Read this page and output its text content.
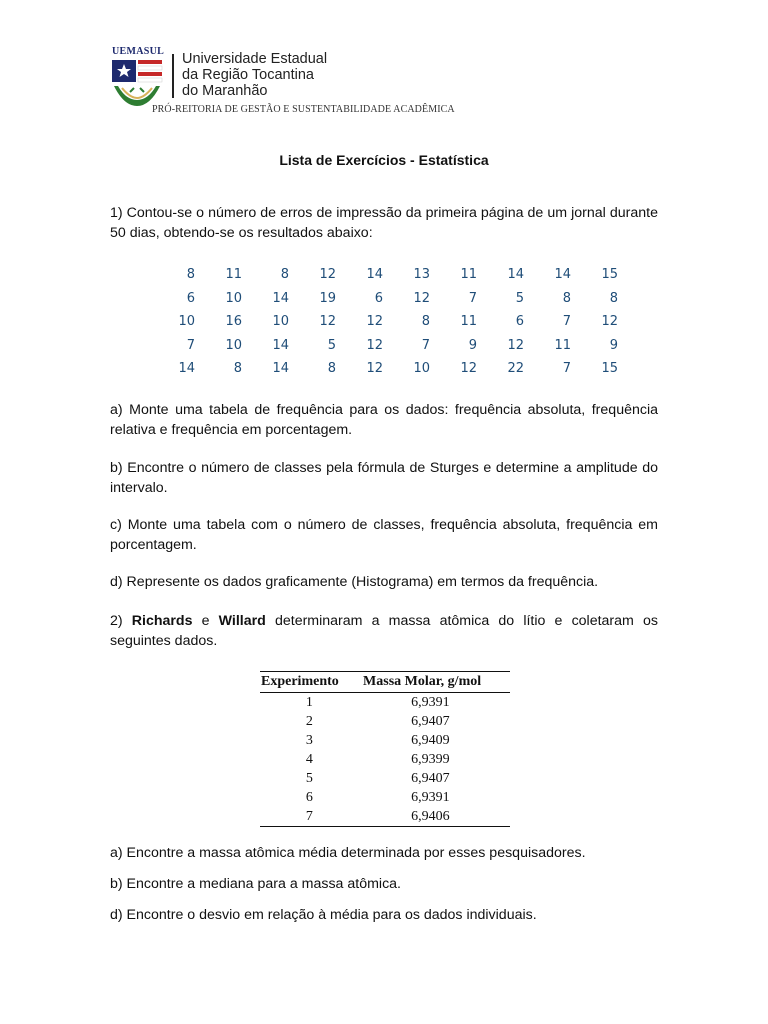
UEMASUL Universidade Estadual
da Região Tocantina
do Maranhão
PRÓ-REITORIA DE GESTÃO E SUSTENTABILIDADE ACADÊMICA
Lista de Exercícios - Estatística
1) Contou-se o número de erros de impressão da primeira página de um jornal durante 50 dias, obtendo-se os resultados abaixo:
8	11	8	12	14	13	11	14	14	15
6	10	14	19	6	12	7	5	8	8
10	16	10	12	12	8	11	6	7	12
7	10	14	5	12	7	9	12	11	9
14	8	14	8	12	10	12	22	7	15
a) Monte uma tabela de frequência para os dados: frequência absoluta, frequência relativa e frequência em porcentagem.
b) Encontre o número de classes pela fórmula de Sturges e determine a amplitude do intervalo.
c) Monte uma tabela com o número de classes, frequência absoluta, frequência em porcentagem.
d) Represente os dados graficamente (Histograma) em termos da frequência.
2) Richards e Willard determinaram a massa atômica do lítio e coletaram os seguintes dados.
Experimento	Massa Molar, g/mol
1	6,9391
2	6,9407
3	6,9409
4	6,9399
5	6,9407
6	6,9391
7	6,9406
a) Encontre a massa atômica média determinada por esses pesquisadores.
b) Encontre a mediana para a massa atômica.
d) Encontre o desvio em relação à média para os dados individuais.
